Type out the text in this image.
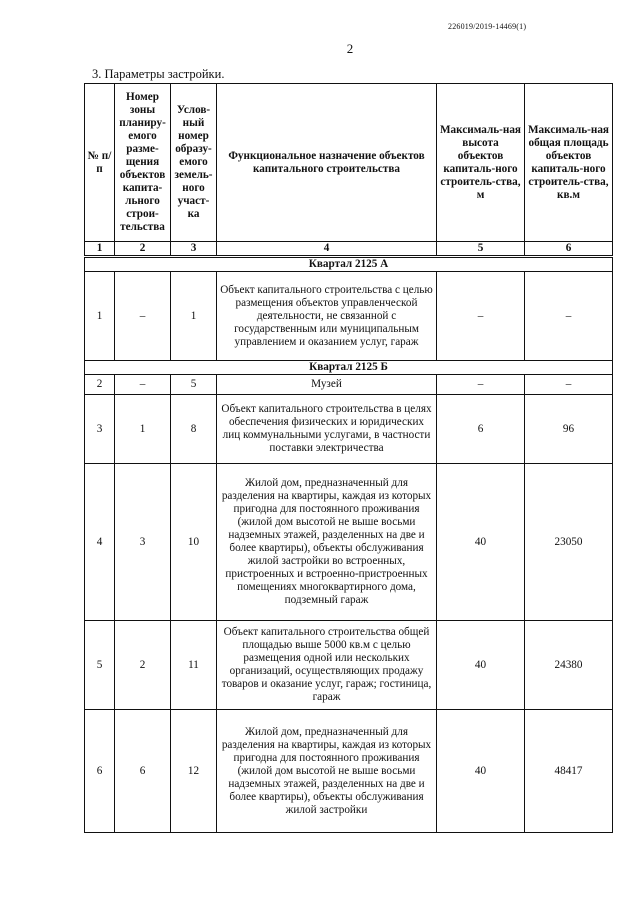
226019/2019-14469(1)
2
3. Параметры застройки.
№ п/п	Номер зоны планиру-емого разме-щения объектов капита-льного строи-тельства	Услов-ный номер образу-емого земель-ного участ-ка	Функциональное назначение объектов капитального строительства	Максималь-ная высота объектов капиталь-ного строитель-ства, м	Максималь-ная общая площадь объектов капиталь-ного строитель-ства, кв.м
1	2	3	4	5	6
Квартал 2125 А					
1	–	1	Объект капитального строительства с целью размещения объектов управленческой деятельности, не связанной с государственным или муниципальным управлением и оказанием услуг, гараж	–	–
Квартал 2125 Б					
2	–	5	Музей	–	–
3	1	8	Объект капитального строительства в целях обеспечения физических и юридических лиц коммунальными услугами, в частности поставки электричества	6	96
4	3	10	Жилой дом, предназначенный для разделения на квартиры, каждая из которых пригодна для постоянного проживания (жилой дом высотой не выше восьми надземных этажей, разделенных на две и более квартиры), объекты обслуживания жилой застройки во встроенных, пристроенных и встроенно-пристроенных помещениях многоквартирного дома, подземный гараж	40	23050
5	2	11	Объект капитального строительства общей площадью выше 5000 кв.м с целью размещения одной или нескольких организаций, осуществляющих продажу товаров и оказание услуг, гараж; гостиница, гараж	40	24380
6	6	12	Жилой дом, предназначенный для разделения на квартиры, каждая из которых пригодна для постоянного проживания (жилой дом высотой не выше восьми надземных этажей, разделенных на две и более квартиры), объекты обслуживания жилой застройки	40	48417
